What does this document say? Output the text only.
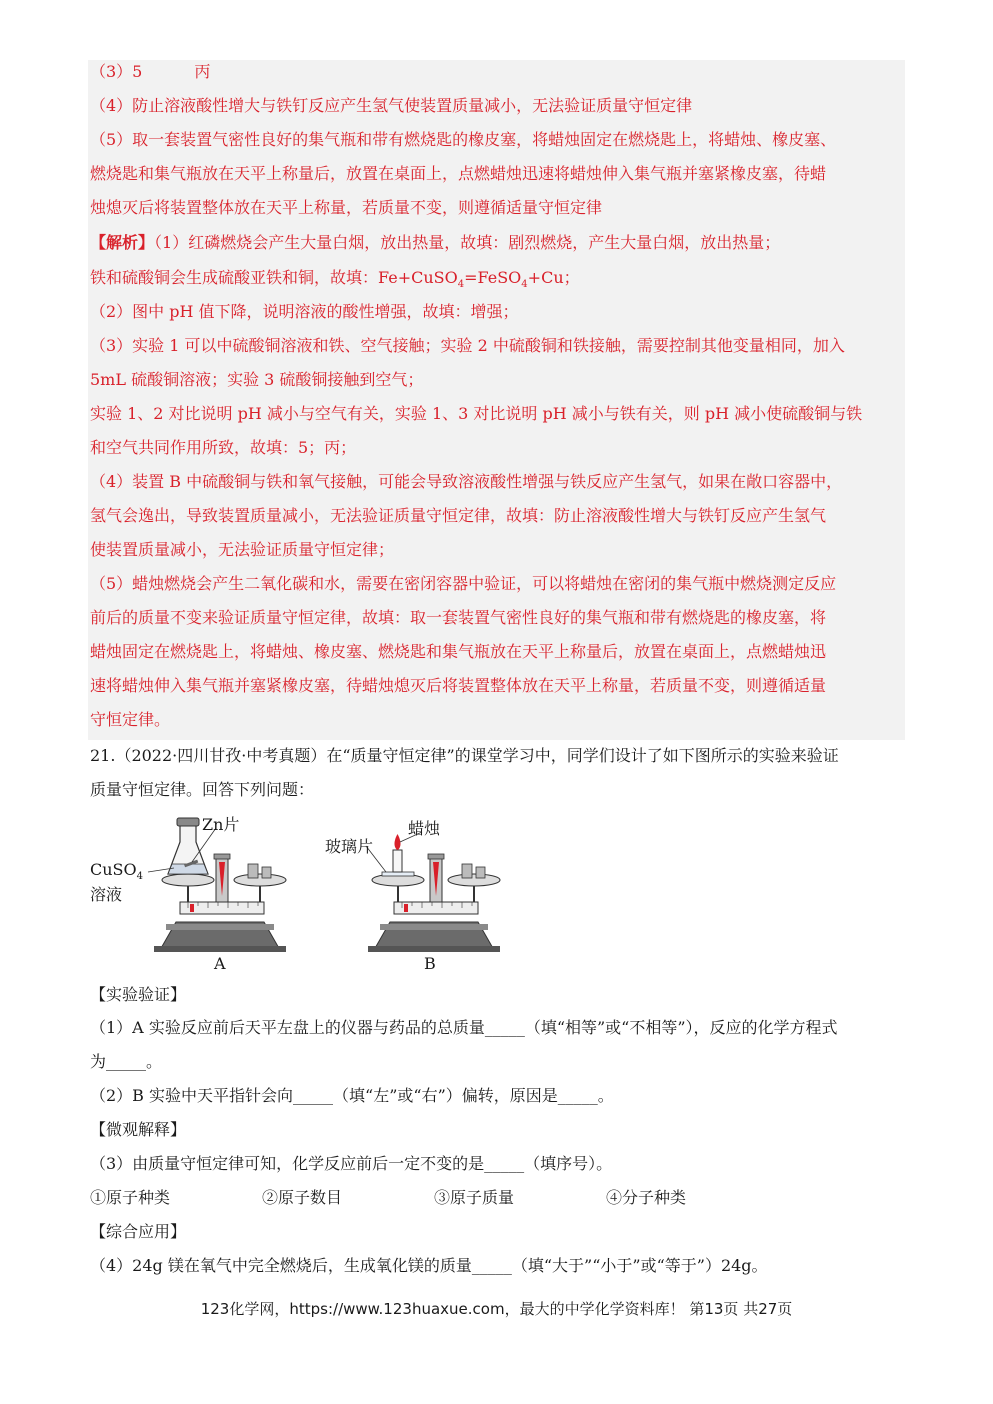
（3）5	丙
（4）防止溶液酸性增大与铁钉反应产生氢气使装置质量减小，无法验证质量守恒定律
（5）取一套装置气密性良好的集气瓶和带有燃烧匙的橡皮塞，将蜡烛固定在燃烧匙上，将蜡烛、橡皮塞、
燃烧匙和集气瓶放在天平上称量后，放置在桌面上，点燃蜡烛迅速将蜡烛伸入集气瓶并塞紧橡皮塞，待蜡
烛熄灭后将装置整体放在天平上称量，若质量不变，则遵循适量守恒定律
【解析】（1）红磷燃烧会产生大量白烟，放出热量，故填：剧烈燃烧，产生大量白烟，放出热量；
铁和硫酸铜会生成硫酸亚铁和铜，故填：Fe+CuSO$_4$=FeSO$_4$+Cu；
（2）图中 pH 值下降，说明溶液的酸性增强，故填：增强；
（3）实验 1 可以中硫酸铜溶液和铁、空气接触；实验 2 中硫酸铜和铁接触，需要控制其他变量相同，加入
5mL 硫酸铜溶液；实验 3 硫酸铜接触到空气；
实验 1、2 对比说明 pH 减小与空气有关，实验 1、3 对比说明 pH 减小与铁有关，则 pH 减小使硫酸铜与铁
和空气共同作用所致，故填：5；丙；
（4）装置 B 中硫酸铜与铁和氧气接触，可能会导致溶液酸性增强与铁反应产生氢气，如果在敞口容器中，
氢气会逸出，导致装置质量减小，无法验证质量守恒定律，故填：防止溶液酸性增大与铁钉反应产生氢气
使装置质量减小，无法验证质量守恒定律；
（5）蜡烛燃烧会产生二氧化碳和水，需要在密闭容器中验证，可以将蜡烛在密闭的集气瓶中燃烧测定反应
前后的质量不变来验证质量守恒定律，故填：取一套装置气密性良好的集气瓶和带有燃烧匙的橡皮塞，将
蜡烛固定在燃烧匙上，将蜡烛、橡皮塞、燃烧匙和集气瓶放在天平上称量后，放置在桌面上，点燃蜡烛迅
速将蜡烛伸入集气瓶并塞紧橡皮塞，待蜡烛熄灭后将装置整体放在天平上称量，若质量不变，则遵循适量
守恒定律。
21.（2022·四川甘孜·中考真题）在“质量守恒定律”的课堂学习中，同学们设计了如下图所示的实验来验证
质量守恒定律。回答下列问题：
Zn片
CuSO$_4$
溶液
玻璃片
蜡烛
A	B
【实验验证】
（1）A 实验反应前后天平左盘上的仪器与药品的总质量_____（填“相等”或“不相等”），反应的化学方程式
为_____。
（2）B 实验中天平指针会向_____（填“左”或“右”）偏转，原因是_____。
【微观解释】
（3）由质量守恒定律可知，化学反应前后一定不变的是_____（填序号）。
①原子种类	②原子数目	③原子质量	④分子种类
【综合应用】
（4）24g 镁在氧气中完全燃烧后，生成氧化镁的质量_____（填“大于”“小于”或“等于”）24g。
123化学网，https://www.123huaxue.com，最大的中学化学资料库！ 第13页 共27页
